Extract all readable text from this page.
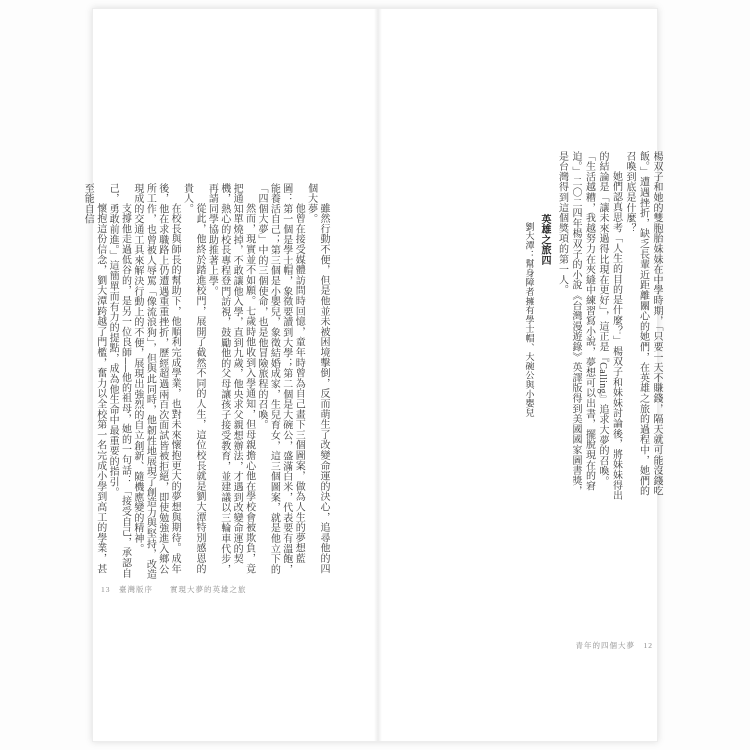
楊双子和她的雙胞胎妹妹在中學時期，「只要一天不賺錢，隔天就可能沒錢吃飯。」遭遇挫折，缺乏長輩近距離關心的她們，在英雄之旅的過程中，她們的召喚到底是什麼？

她們認真思考「人生的目的是什麼？」楊双子和妹妹討論後，將妹妹得出的結論是「讓未來過得比現在更好」，這正是『Calling』追求大夢的召喚。

「生活越糟，我越努力在夾縫中練習寫小說，夢想可以出書，擺脫現在的窘迫。」二〇二四年楊双子的小說《台灣漫遊錄》英譯版得到美國國家圖書獎，是台灣得到這個獎項的第一人。

英雄之旅四

劉大潭：幫身障者擁有學士帽、大碗公與小嬰兒

雖然行動不便，但是他並未被困境擊倒，反而萌生了改變命運的決心，追尋他的四個大夢。

他曾在接受媒體訪問時回憶，童年時曾為自己畫下三個圖案，做為人生的夢想藍圖：第一個是學士帽，象徵要讀到大學；第二個是大碗公，盛滿白米，代表要有溫飽，能養活自己；第三個是小嬰兒，象徵結婚成家，生兒育女，這三個圖案，就是他立下的「四個大夢」中的三個使命，也是他冒險旅程的召喚。

然而，現實並不如願。七歲時他收到入學通知，但母親擔心他在學校會被欺負，竟把通知單燒掉，不敢讓他入學，直到九歲，他央求父親想辦法，才遇到改變命運的契機，熱心的校長專程登門訪視，鼓勵他的父母讓孩子接受教育，並建議以三輪車代步，再請同學協助推著上學。

從此，他終於踏進校門，展開了截然不同的人生，這位校長就是劉大潭特別感恩的貴人。

在校長與師長的幫助下，他順利完成學業，也對未來懷抱更大的夢想與期待。成年後，他在求職路上仍遭遇重重挫折，歷經超過兩百次面試皆被拒絕，即使勉強進入鄉公所工作，也曾被人辱罵「像流浪狗」，但與此同時，他韌性地展現了創造力與堅持，改造現成的交通工具來解決行動上的不便，展現出強烈的自立創新、隨機應變的精神。

支撐他走過低谷的，是另一位良師──他的祖母，她的一句話：「接受自己，承認自己，勇敢前進。」這簡單而有力的提點，成為他生命中最重要的指引。

懷抱這份信念，劉大潭跨越了門檻，奮力以全校第一名完成小學到高工的學業，甚至能自信

13　臺灣版序　　實現大夢的英雄之旅
青年的四個大夢　12
